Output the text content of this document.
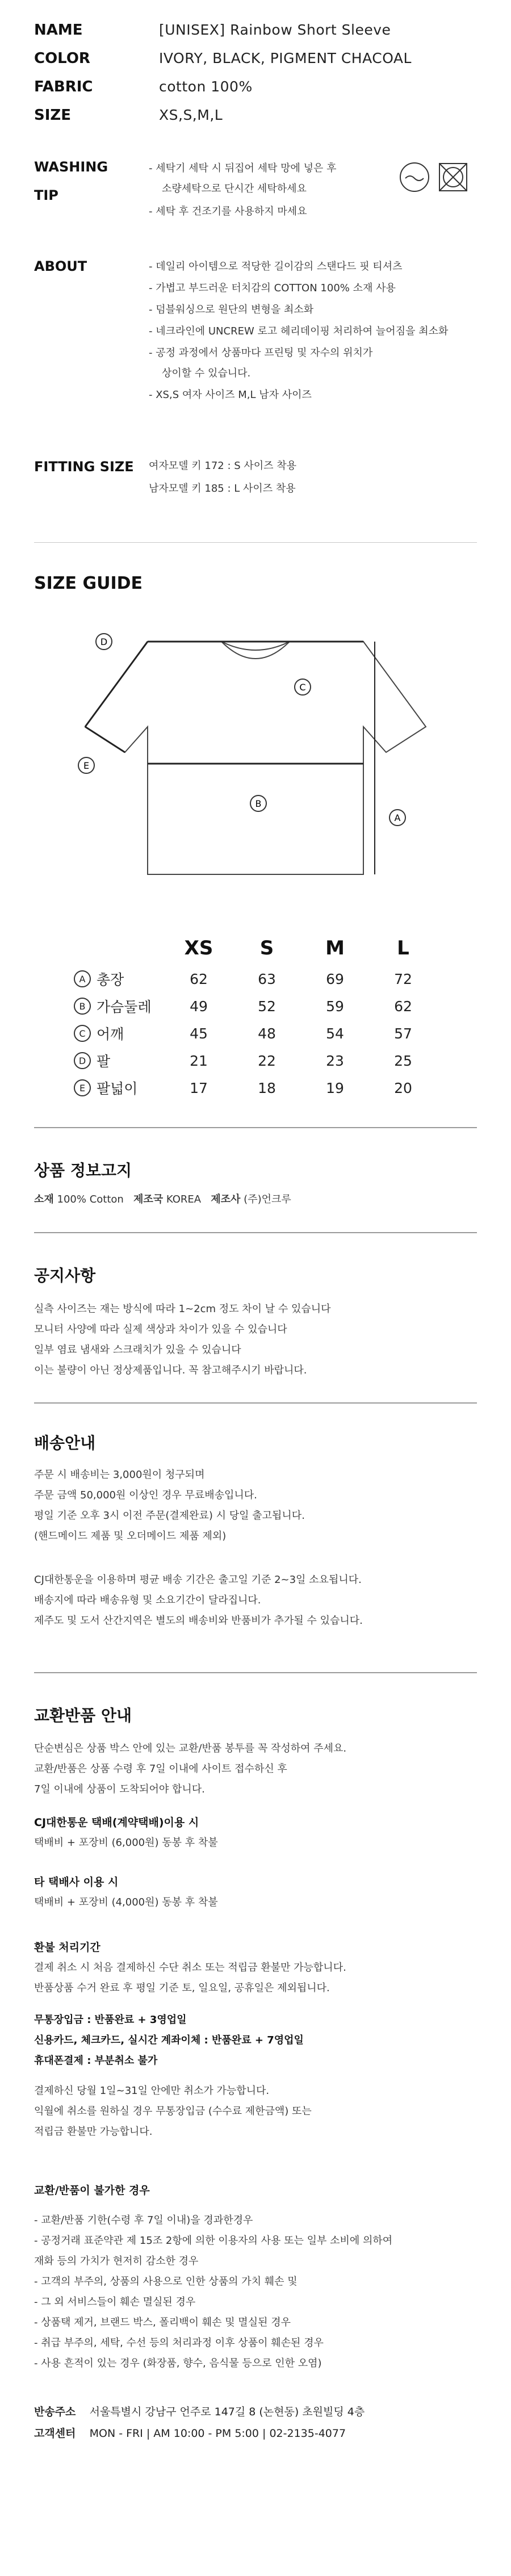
NAME	[UNISEX] Rainbow Short Sleeve
COLOR	IVORY, BLACK, PIGMENT CHACOAL
FABRIC	cotton 100%
SIZE	XS,S,M,L
WASHING
TIP
- 세탁기 세탁 시 뒤집어 세탁 망에 넣은 후
소량세탁으로 단시간 세탁하세요
- 세탁 후 건조기를 사용하지 마세요
ABOUT	- 데일리 아이템으로 적당한 길이감의 스탠다드 핏 티셔츠
- 가볍고 부드러운 터치감의 COTTON 100% 소재 사용
- 덤블워싱으로 원단의 변형을 최소화
- 네크라인에 UNCREW 로고 헤리데이핑 처리하여 늘어짐을 최소화
- 공정 과정에서 상품마다 프린팅 및 자수의 위치가
상이할 수 있습니다.
- XS,S 여자 사이즈 M,L 남자 사이즈
FITTING SIZE 여자모델 키 172 : S 사이즈 착용
남자모델 키 185 : L 사이즈 착용
SIZE GUIDE
D
C
E
B
A
XS	S	M	L
A 총장	62	63	69	72
B 가슴둘레	49	52	59	62
C 어깨	45	48	54	57
D 팔	21	22	23	25
E 팔넓이	17	18	19	20
상품 정보고지
소재 100% Cotton 제조국 KOREA 제조사 (주)언크루
공지사항
실측 사이즈는 재는 방식에 따라 1~2cm 정도 차이 날 수 있습니다
모니터 사양에 따라 실제 색상과 차이가 있을 수 있습니다
일부 염료 냄새와 스크래치가 있을 수 있습니다
이는 불량이 아닌 정상제품입니다. 꼭 참고해주시기 바랍니다.
배송안내
주문 시 배송비는 3,000원이 청구되며
주문 금액 50,000원 이상인 경우 무료배송입니다.
평일 기준 오후 3시 이전 주문(결제완료) 시 당일 출고됩니다.
(핸드메이드 제품 및 오더메이드 제품 제외)
CJ대한통운을 이용하며 평균 배송 기간은 출고일 기준 2~3일 소요됩니다.
배송지에 따라 배송유형 및 소요기간이 달라집니다.
제주도 및 도서 산간지역은 별도의 배송비와 반품비가 추가될 수 있습니다.
교환반품 안내
단순변심은 상품 박스 안에 있는 교환/반품 봉투를 꼭 작성하여 주세요.
교환/반품은 상품 수령 후 7일 이내에 사이트 접수하신 후
7일 이내에 상품이 도착되어야 합니다.
CJ대한통운 택배(계약택배)이용 시
택배비 + 포장비 (6,000원) 동봉 후 착불
타 택배사 이용 시
택배비 + 포장비 (4,000원) 동봉 후 착불
환불 처리기간
결제 취소 시 처음 결제하신 수단 취소 또는 적립금 환불만 가능합니다.
반품상품 수거 완료 후 평일 기준 토, 일요일, 공휴일은 제외됩니다.
무통장입금 : 반품완료 + 3영업일
신용카드, 체크카드, 실시간 계좌이체 : 반품완료 + 7영업일
휴대폰결제 : 부분취소 불가
결제하신 당월 1일~31일 안에만 취소가 가능합니다.
익월에 취소를 원하실 경우 무통장입금 (수수료 제한금액) 또는
적립금 환불만 가능합니다.
교환/반품이 불가한 경우
- 교환/반품 기한(수령 후 7일 이내)을 경과한경우
- 공정거래 표준약관 제 15조 2항에 의한 이용자의 사용 또는 일부 소비에 의하여
재화 등의 가치가 현저히 감소한 경우
- 고객의 부주의, 상품의 사용으로 인한 상품의 가치 훼손 및
- 그 외 서비스들이 훼손 멸실된 경우
- 상품택 제거, 브랜드 박스, 폴리백이 훼손 및 멸실된 경우
- 취급 부주의, 세탁, 수선 등의 처리과정 이후 상품이 훼손된 경우
- 사용 흔적이 있는 경우 (화장품, 향수, 음식물 등으로 인한 오염)
반송주소 서울특별시 강남구 언주로 147길 8 (논현동) 초원빌딩 4층
고객센터 MON - FRI | AM 10:00 - PM 5:00 | 02-2135-4077
